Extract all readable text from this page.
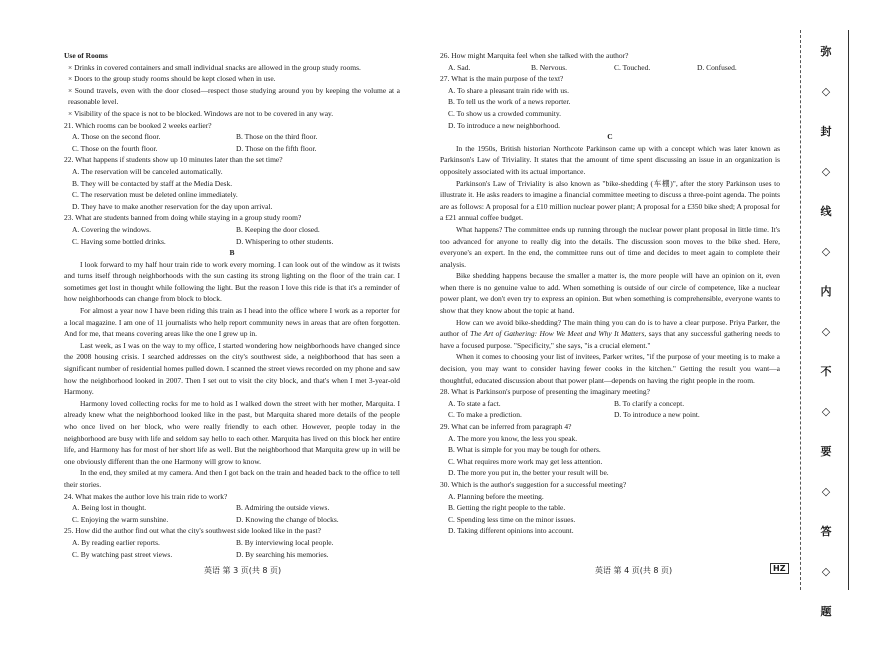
Use of Rooms

× Drinks in covered containers and small individual snacks are allowed in the group study rooms.

× Doors to the group study rooms should be kept closed when in use.

× Sound travels, even with the door closed—respect those studying around you by keeping the volume at a reasonable level.

× Visibility of the space is not to be blocked. Windows are not to be covered in any way.

21. Which rooms can be booked 2 weeks earlier?

A. Those on the second floor.	B. Those on the third floor.
C. Those on the fourth floor.	D. Those on the fifth floor.

22. What happens if students show up 10 minutes later than the set time?

A. The reservation will be canceled automatically.

B. They will be contacted by staff at the Media Desk.

C. The reservation must be deleted online immediately.

D. They have to make another reservation for the day upon arrival.

23. What are students banned from doing while staying in a group study room?

A. Covering the windows.	B. Keeping the door closed.
C. Having some bottled drinks.	D. Whispering to other students.

B

I look forward to my half hour train ride to work every morning. I can look out of the window as it twists and turns itself through neighborhoods with the sun casting its strong lighting on the floor of the train car. I sometimes get lost in thought while following the light. But the reason I love this ride is that it's a reminder of how neighborhoods can change from block to block.

For almost a year now I have been riding this train as I head into the office where I work as a reporter for a local magazine. I am one of 11 journalists who help report community news in areas that are often forgotten. And for me, that means covering areas like the one I grew up in.

Last week, as I was on the way to my office, I started wondering how neighborhoods have changed since the 2008 housing crisis. I searched addresses on the city's southwest side, a neighborhood that has seen a significant number of residential homes pulled down. I scanned the street views recorded on my phone and saw how the neighborhood looked in 2007. Then I set out to visit the city block, and that's when I met 3-year-old Harmony.

Harmony loved collecting rocks for me to hold as I walked down the street with her mother, Marquita. I already knew what the neighborhood looked like in the past, but Marquita shared more details of the people who once lived on her block, who were really friendly to each other. However, people today in the neighborhood are busy with life and seldom say hello to each other. Marquita has lived on this block her entire life, and Harmony has for most of her short life as well. But the neighborhood that Marquita grew up in will be one obviously different than the one Harmony will grow to know.

In the end, they smiled at my camera. And then I got back on the train and headed back to the office to tell their stories.

24. What makes the author love his train ride to work?

A. Being lost in thought.	B. Admiring the outside views.
C. Enjoying the warm sunshine.	D. Knowing the change of blocks.

25. How did the author find out what the city's southwest side looked like in the past?

A. By reading earlier reports.	B. By interviewing local people.
C. By watching past street views.	D. By searching his memories.

26. How might Marquita feel when she talked with the author?

A. Sad.	B. Nervous.	C. Touched.	D. Confused.

27. What is the main purpose of the text?

A. To share a pleasant train ride with us.

B. To tell us the work of a news reporter.

C. To show us a crowded community.

D. To introduce a new neighborhood.

C

In the 1950s, British historian Northcote Parkinson came up with a concept which was later known as Parkinson's Law of Triviality. It states that the amount of time spent discussing an issue in an organization is oppositely associated with its actual importance.

Parkinson's Law of Triviality is also known as "bike-shedding (车棚)", after the story Parkinson uses to illustrate it. He asks readers to imagine a financial committee meeting to discuss a three-point agenda. The points are as follows: A proposal for a £10 million nuclear power plant; A proposal for a £350 bike shed; A proposal for a £21 annual coffee budget.

What happens? The committee ends up running through the nuclear power plant proposal in little time. It's too advanced for anyone to really dig into the details. The discussion soon moves to the bike shed. Here, everyone's an expert. In the end, the committee runs out of time and decides to meet again to complete their analysis.

Bike shedding happens because the smaller a matter is, the more people will have an opinion on it, even when there is no genuine value to add. When something is outside of our circle of competence, like a nuclear power plant, we don't even try to express an opinion. But when something is comprehensible, everyone wants to show that they know about the topic at hand.

How can we avoid bike-shedding? The main thing you can do is to have a clear purpose. Priya Parker, the author of The Art of Gathering: How We Meet and Why It Matters, says that any successful gathering needs to have a focused purpose. "Specificity," she says, "is a crucial element."

When it comes to choosing your list of invitees, Parker writes, "if the purpose of your meeting is to make a decision, you may want to consider having fewer cooks in the kitchen." Getting the result you want—a thoughtful, educated discussion about that power plant—depends on having the right people in the room.

28. What is Parkinson's purpose of presenting the imaginary meeting?

A. To state a fact.	B. To clarify a concept.
C. To make a prediction.	D. To introduce a new point.

29. What can be inferred from paragraph 4?

A. The more you know, the less you speak.

B. What is simple for you may be tough for others.

C. What requires more work may get less attention.

D. The more you put in, the better your result will be.

30. Which is the author's suggestion for a successful meeting?

A. Planning before the meeting.

B. Getting the right people to the table.

C. Spending less time on the minor issues.

D. Taking different opinions into account.

英语 第 3 页(共 8 页)	英语 第 4 页(共 8 页)	HZ
弥
◇
封
◇
线
◇
内
◇
不
◇
要
◇
答
◇
题
